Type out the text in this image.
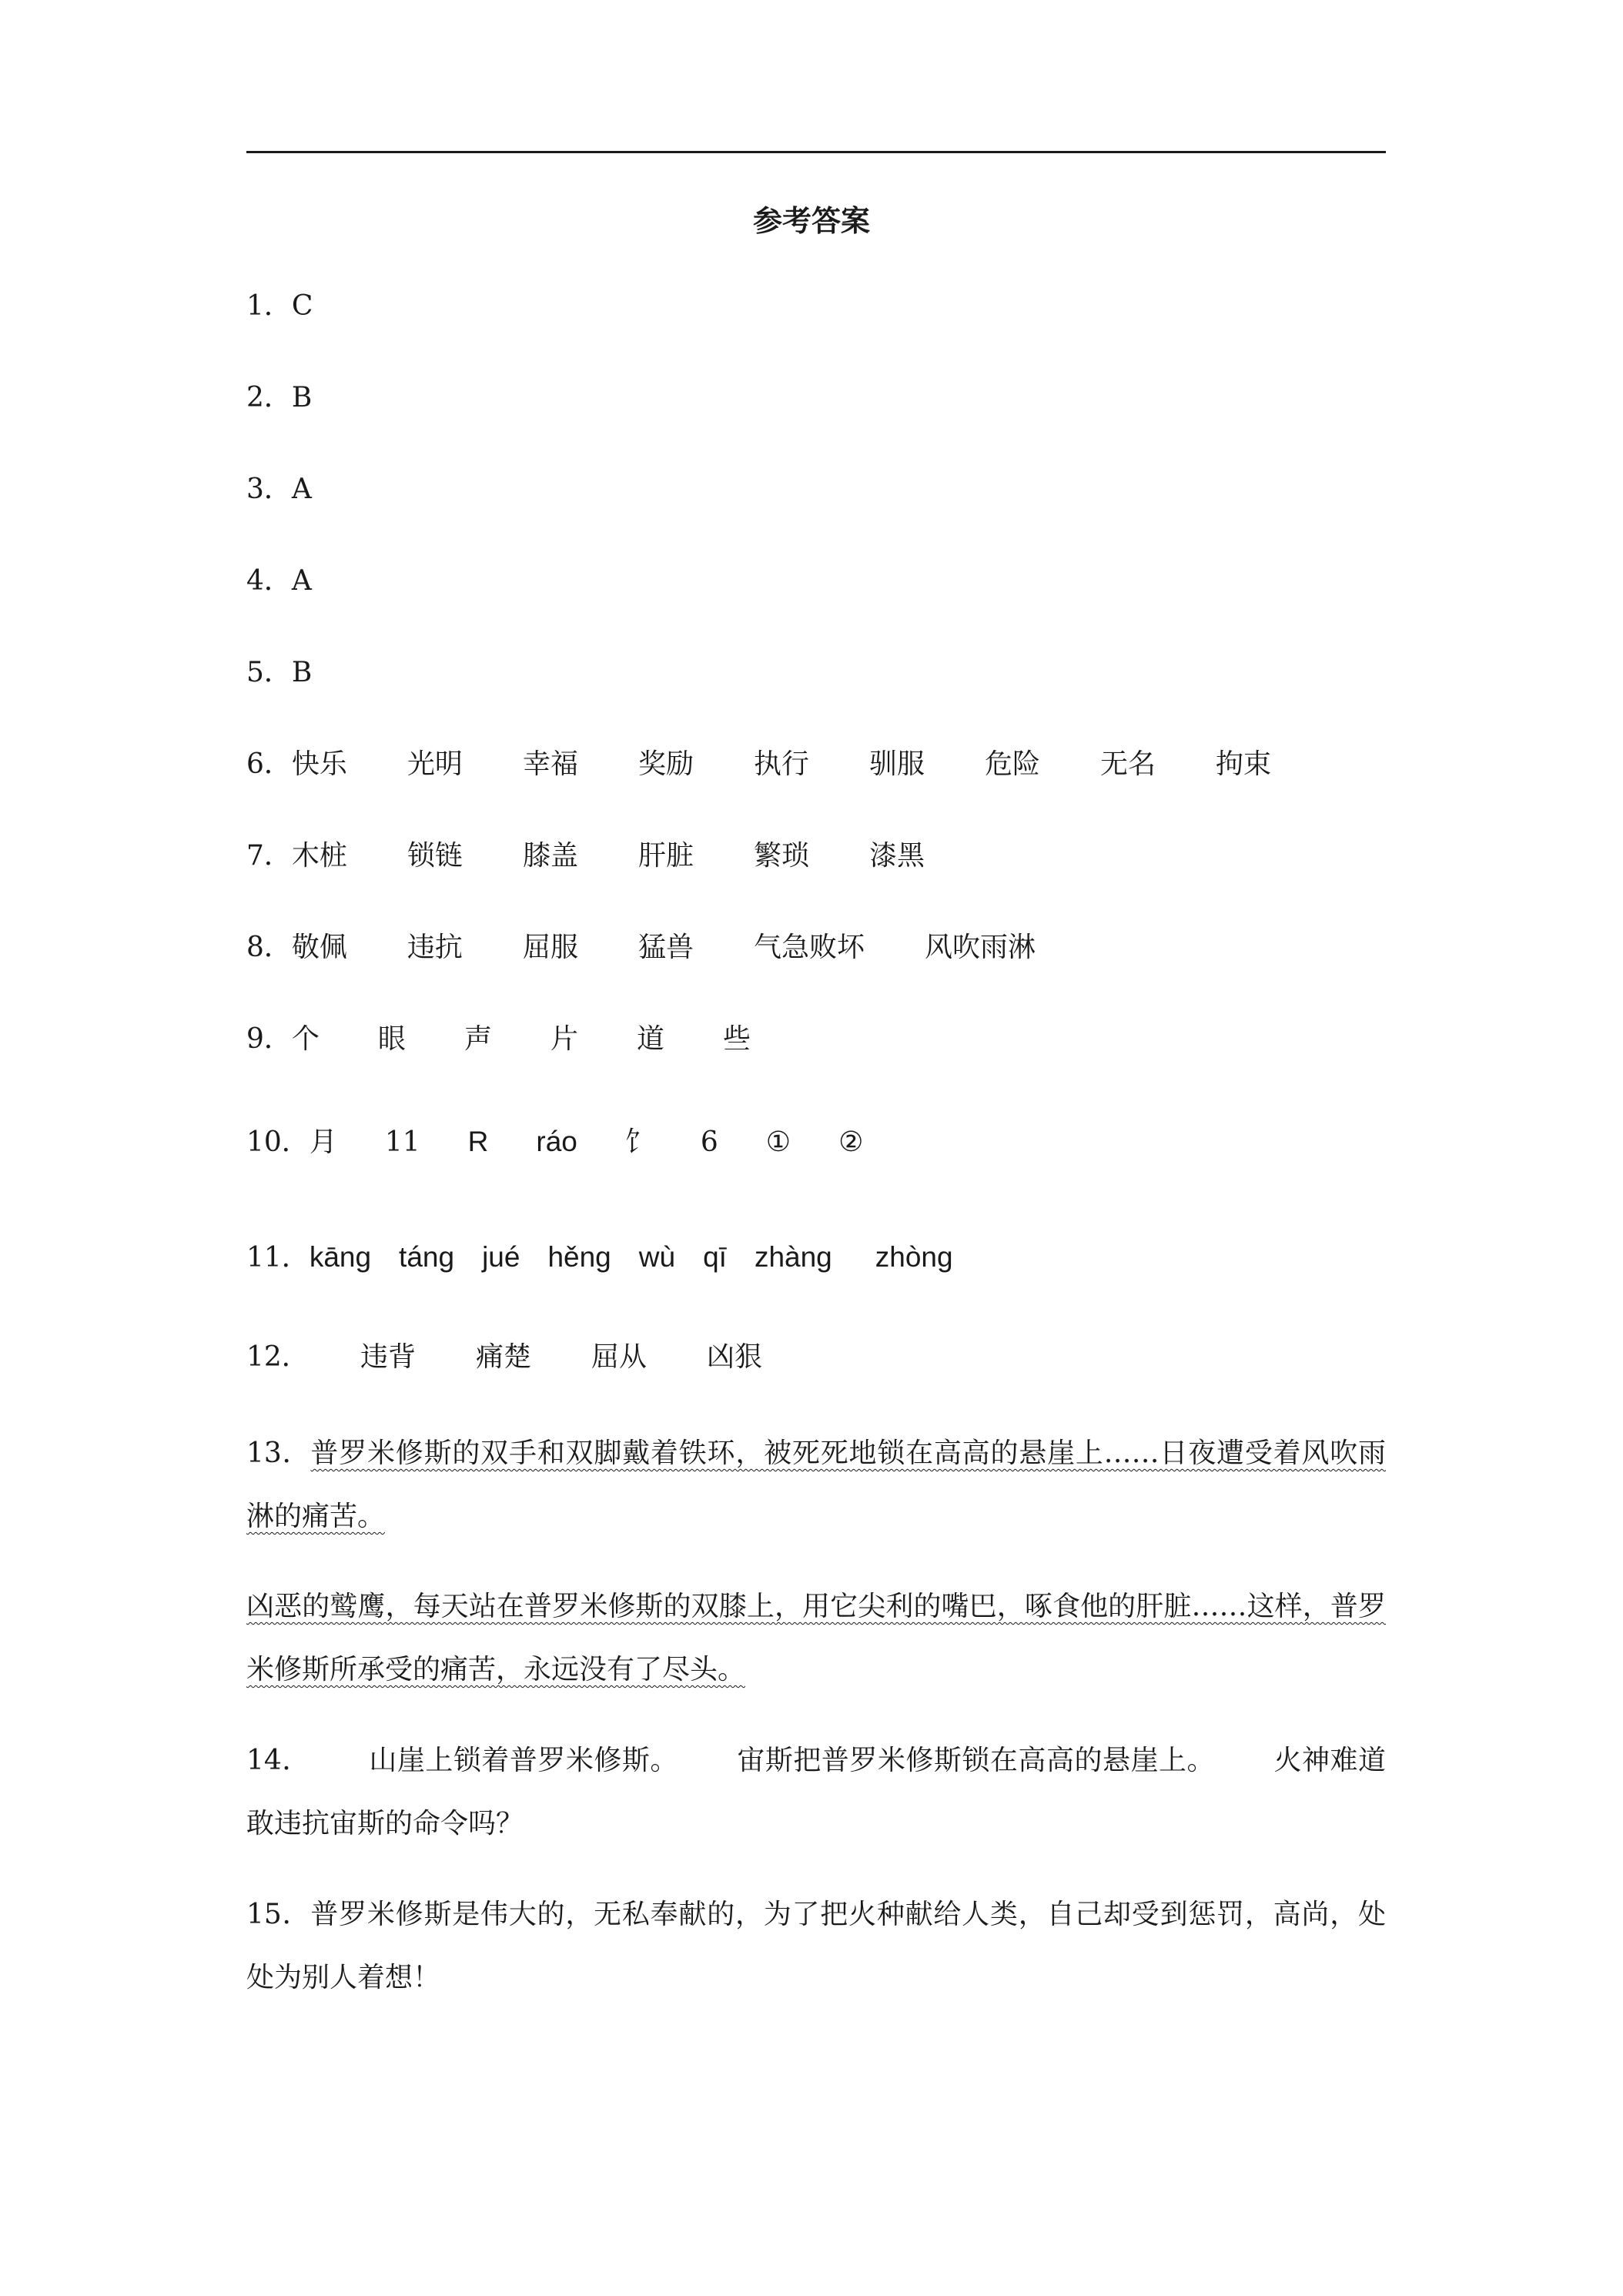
参考答案
1．C
2．B
3．A
4．A
5．B
6．快乐 光明 幸福 奖励 执行 驯服 危险 无名 拘束
7．木桩 锁链 膝盖 肝脏 繁琐 漆黑
8．敬佩 违抗 屈服 猛兽 气急败坏 风吹雨淋
9．个 眼 声 片 道 些
10．月 11 R ráo 饣 6 ① ②
11．kāng táng jué hěng wù qī zhàng zhòng
12． 违背 痛楚 屈从 凶狠
13．普罗米修斯的双手和双脚戴着铁环，被死死地锁在高高的悬崖上……日夜遭受着风吹雨淋的痛苦。
凶恶的鹫鹰，每天站在普罗米修斯的双膝上，用它尖利的嘴巴，啄食他的肝脏……这样，普罗米修斯所承受的痛苦，永远没有了尽头。
14． 山崖上锁着普罗米修斯。 宙斯把普罗米修斯锁在高高的悬崖上。 火神难道敢违抗宙斯的命令吗？
15．普罗米修斯是伟大的，无私奉献的，为了把火种献给人类，自己却受到惩罚，高尚，处处为别人着想！
